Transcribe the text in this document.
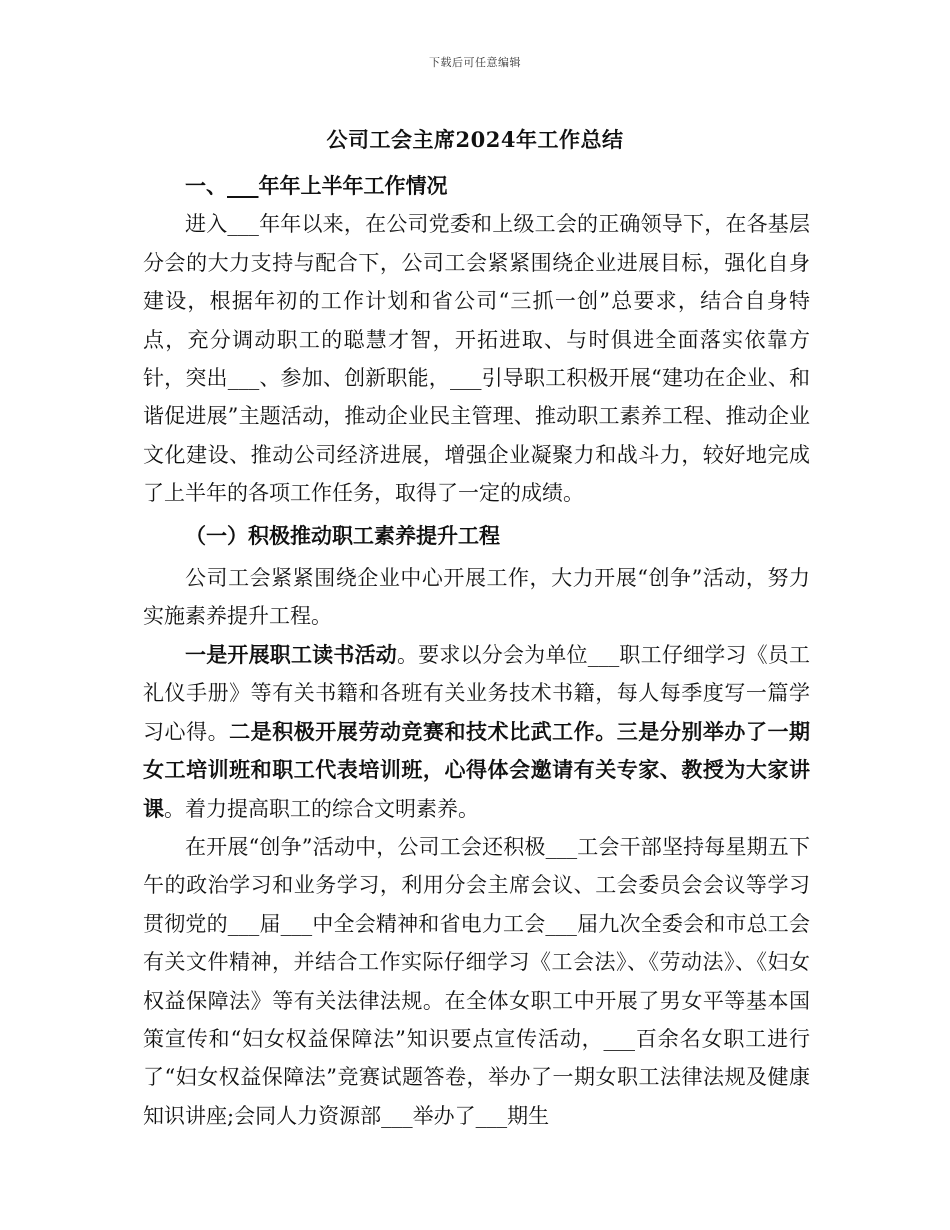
下载后可任意编辑
公司工会主席2024年工作总结

一、___年年上半年工作情况

进入___年年以来，在公司党委和上级工会的正确领导下，在各基层分会的大力支持与配合下，公司工会紧紧围绕企业进展目标，强化自身建设，根据年初的工作计划和省公司“三抓一创”总要求，结合自身特点，充分调动职工的聪慧才智，开拓进取、与时俱进全面落实依靠方针，突出___、参加、创新职能，___引导职工积极开展“建功在企业、和谐促进展”主题活动，推动企业民主管理、推动职工素养工程、推动企业文化建设、推动公司经济进展，增强企业凝聚力和战斗力，较好地完成了上半年的各项工作任务，取得了一定的成绩。

（一）积极推动职工素养提升工程

公司工会紧紧围绕企业中心开展工作，大力开展“创争”活动，努力实施素养提升工程。

一是开展职工读书活动。要求以分会为单位___职工仔细学习《员工礼仪手册》等有关书籍和各班有关业务技术书籍，每人每季度写一篇学习心得。二是积极开展劳动竞赛和技术比武工作。三是分别举办了一期女工培训班和职工代表培训班，心得体会邀请有关专家、教授为大家讲课。着力提高职工的综合文明素养。

在开展“创争”活动中，公司工会还积极___工会干部坚持每星期五下午的政治学习和业务学习，利用分会主席会议、工会委员会会议等学习贯彻党的___届___中全会精神和省电力工会___届九次全委会和市总工会有关文件精神，并结合工作实际仔细学习《工会法》、《劳动法》、《妇女权益保障法》等有关法律法规。在全体女职工中开展了男女平等基本国策宣传和“妇女权益保障法”知识要点宣传活动，___百余名女职工进行了“妇女权益保障法”竞赛试题答卷，举办了一期女职工法律法规及健康知识讲座;会同人力资源部___举办了___期生
